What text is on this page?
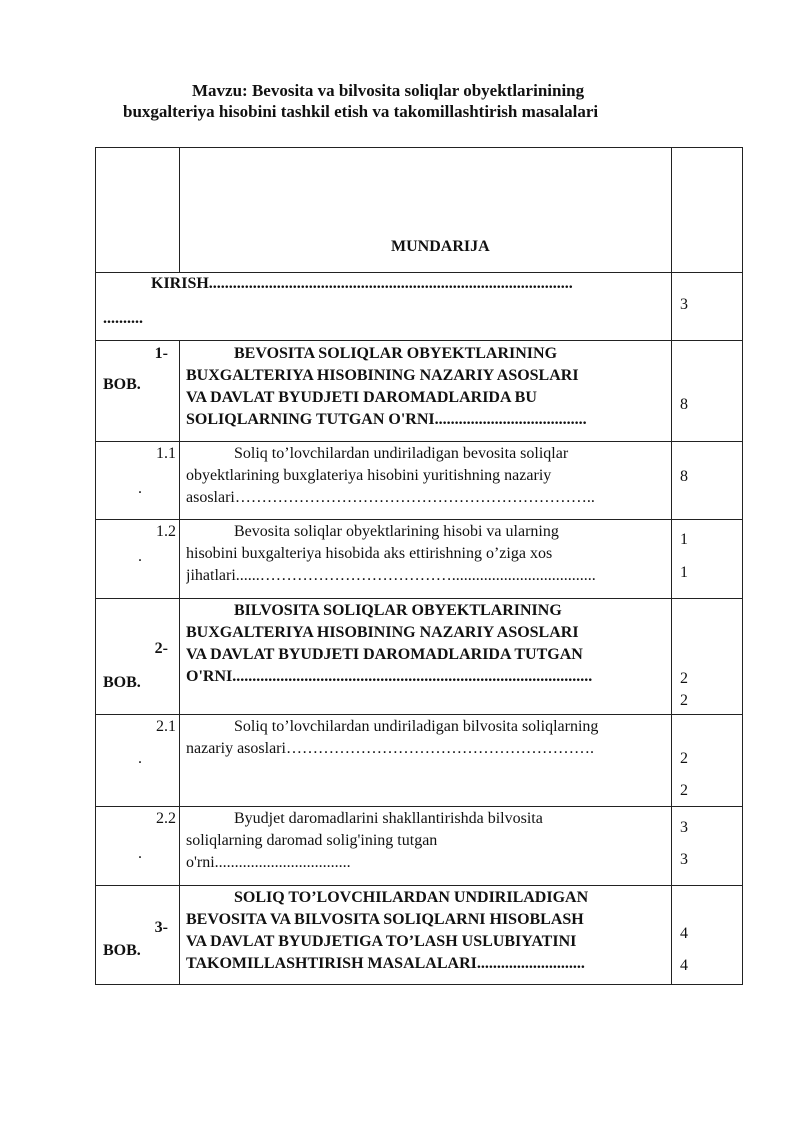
Mavzu: Bevosita va bilvosita soliqlar obyektlarinining
buxgalteriya hisobini tashkil etish va takomillashtirish masalalari
MUNDARIJA
KIRISH...........................................................................................
..........
3
1-
BOB.
BEVOSITA SOLIQLAR OBYEKTLARINING
BUXGALTERIYA HISOBINING NAZARIY ASOSLARI
VA DAVLAT BYUDJETI DAROMADLARIDA BU
SOLIQLARNING TUTGAN O'RNI......................................
8
1.1
.
Soliq to’lovchilardan undiriladigan bevosita soliqlar
obyektlarining buxglateriya hisobini yuritishning nazariy
asoslari…………………………………………………………..
8
1.2
.
Bevosita soliqlar obyektlarining hisobi va ularning
hisobini buxgalteriya hisobida aks ettirishning o’ziga xos
jihatlari......………………………………....................................
1
1
2-
BOB.
BILVOSITA SOLIQLAR OBYEKTLARINING
BUXGALTERIYA HISOBINING NAZARIY ASOSLARI
VA DAVLAT BYUDJETI DAROMADLARIDA TUTGAN
O'RNI..........................................................................................	2
2
2.1
.
Soliq to’lovchilardan undiriladigan bilvosita soliqlarning
nazariy asoslari………………………………………………….
2
2
2.2
.
Byudjet daromadlarini shakllantirishda bilvosita
soliqlarning daromad solig'ining tutgan
o'rni..................................
3
3
3-
BOB.
SOLIQ TO’LOVCHILARDAN UNDIRILADIGAN
BEVOSITA VA BILVOSITA SOLIQLARNI HISOBLASH
VA DAVLAT BYUDJETIGA TO’LASH USLUBIYATINI
TAKOMILLASHTIRISH MASALALARI...........................
4
4
